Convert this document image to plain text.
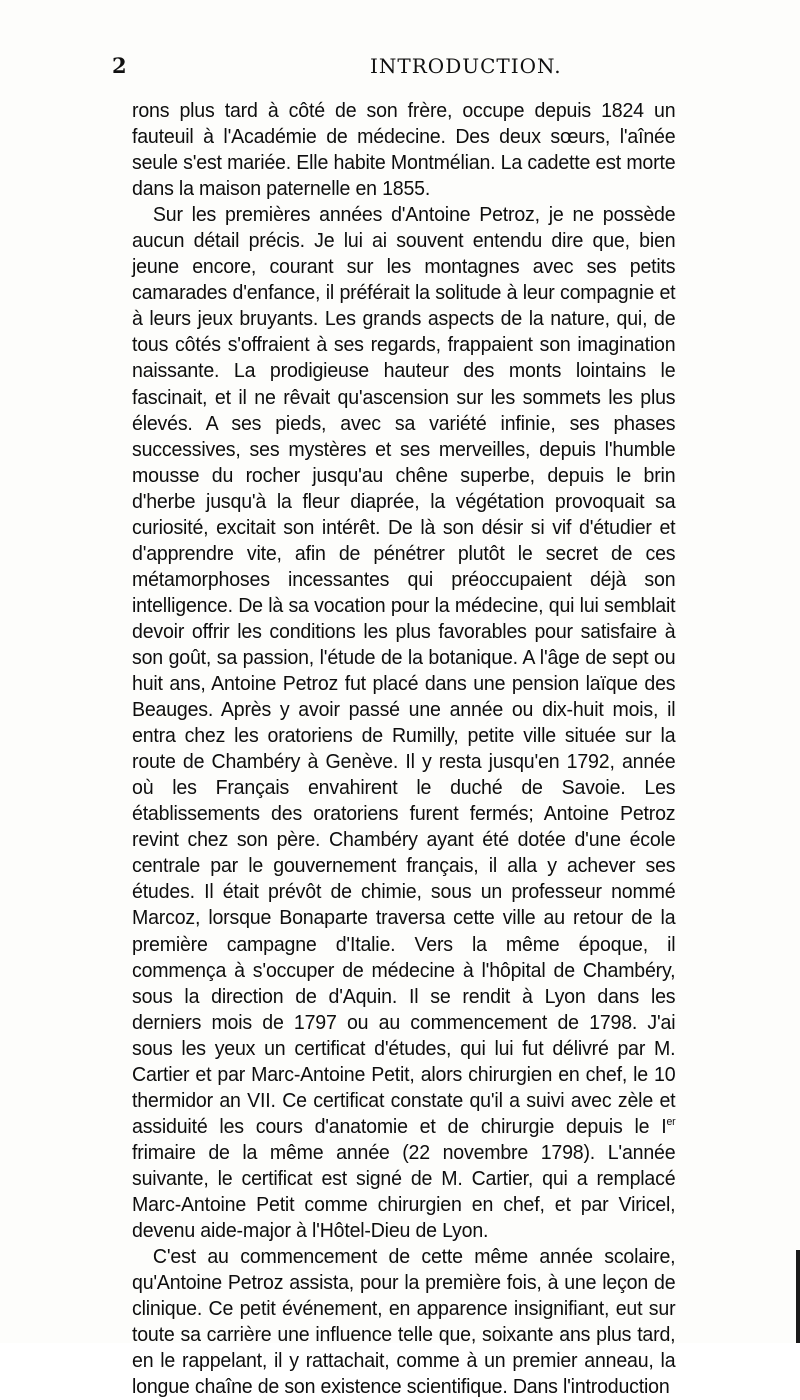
2	INTRODUCTION.

rons plus tard à côté de son frère, occupe depuis 1824 un fauteuil à l'Académie de médecine. Des deux sœurs, l'aînée seule s'est mariée. Elle habite Montmélian. La cadette est morte dans la maison paternelle en 1855.

Sur les premières années d'Antoine Petroz, je ne possède aucun détail précis. Je lui ai souvent entendu dire que, bien jeune encore, courant sur les montagnes avec ses petits camarades d'enfance, il préférait la solitude à leur compagnie et à leurs jeux bruyants. Les grands aspects de la nature, qui, de tous côtés s'offraient à ses regards, frappaient son imagination naissante. La prodigieuse hauteur des monts lointains le fascinait, et il ne rêvait qu'ascension sur les sommets les plus élevés. A ses pieds, avec sa variété infinie, ses phases successives, ses mystères et ses merveilles, depuis l'humble mousse du rocher jusqu'au chêne superbe, depuis le brin d'herbe jusqu'à la fleur diaprée, la végétation provoquait sa curiosité, excitait son intérêt. De là son désir si vif d'étudier et d'apprendre vite, afin de pénétrer plutôt le secret de ces métamorphoses incessantes qui préoccupaient déjà son intelligence. De là sa vocation pour la médecine, qui lui semblait devoir offrir les conditions les plus favorables pour satisfaire à son goût, sa passion, l'étude de la botanique. A l'âge de sept ou huit ans, Antoine Petroz fut placé dans une pension laïque des Beauges. Après y avoir passé une année ou dix-huit mois, il entra chez les oratoriens de Rumilly, petite ville située sur la route de Chambéry à Genève. Il y resta jusqu'en 1792, année où les Français envahirent le duché de Savoie. Les établissements des oratoriens furent fermés; Antoine Petroz revint chez son père. Chambéry ayant été dotée d'une école centrale par le gouvernement français, il alla y achever ses études. Il était prévôt de chimie, sous un professeur nommé Marcoz, lorsque Bonaparte traversa cette ville au retour de la première campagne d'Italie. Vers la même époque, il commença à s'occuper de médecine à l'hôpital de Chambéry, sous la direction de d'Aquin. Il se rendit à Lyon dans les derniers mois de 1797 ou au commencement de 1798. J'ai sous les yeux un certificat d'études, qui lui fut délivré par M. Cartier et par Marc-Antoine Petit, alors chirurgien en chef, le 10 thermidor an VII. Ce certificat constate qu'il a suivi avec zèle et assiduité les cours d'anatomie et de chirurgie depuis le Ier frimaire de la même année (22 novembre 1798). L'année suivante, le certificat est signé de M. Cartier, qui a remplacé Marc-Antoine Petit comme chirurgien en chef, et par Viricel, devenu aide-major à l'Hôtel-Dieu de Lyon.

C'est au commencement de cette même année scolaire, qu'Antoine Petroz assista, pour la première fois, à une leçon de clinique. Ce petit événement, en apparence insignifiant, eut sur toute sa carrière une influence telle que, soixante ans plus tard, en le rappelant, il y rattachait, comme à un premier anneau, la longue chaîne de son existence scientifique. Dans l'introduction
